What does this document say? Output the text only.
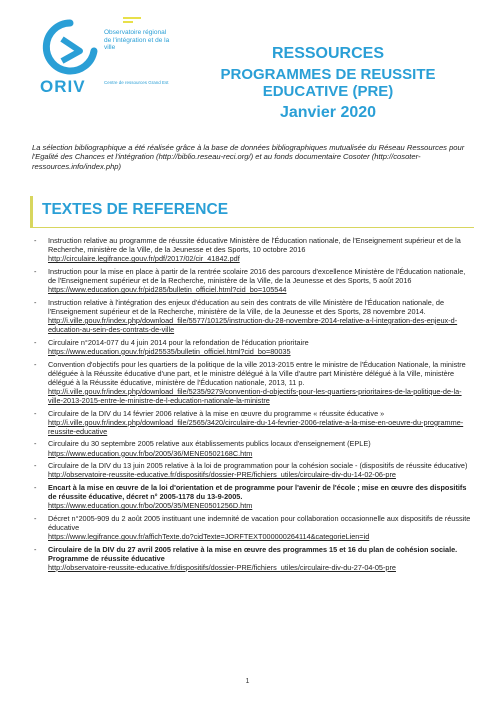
ORIV
Observatoire régional de l'intégration et de la ville
Centre de ressources Grand Est
RESSOURCES
PROGRAMMES DE REUSSITE
EDUCATIVE (PRE)
Janvier 2020
La sélection bibliographique a été réalisée grâce à la base de données bibliographiques mutualisée du Réseau Ressources pour l'Egalité des Chances et l'intégration (http://biblio.reseau-reci.org/) et au fonds documentaire Cosoter (http://cosoter-ressources.info/index.php)
TEXTES DE REFERENCE
-	Instruction relative au programme de réussite éducative Ministère de l'Éducation nationale, de l'Enseignement supérieur et de la Recherche, ministère de la Ville, de la Jeunesse et des Sports, 10 octobre 2016
http://circulaire.legifrance.gouv.fr/pdf/2017/02/cir_41842.pdf
-	Instruction pour la mise en place à partir de la rentrée scolaire 2016 des parcours d'excellence Ministère de l'Éducation nationale, de l'Enseignement supérieur et de la Recherche, ministère de la Ville, de la Jeunesse et des Sports, 5 août 2016
https://www.education.gouv.fr/pid285/bulletin_officiel.html?cid_bo=105544
-	Instruction relative à l'intégration des enjeux d'éducation au sein des contrats de ville Ministère de l'Éducation nationale, de l'Enseignement supérieur et de la Recherche, ministère de la Ville, de la Jeunesse et des Sports, 28 novembre 2014.
http://i.ville.gouv.fr/index.php/download_file/5577/10125/instruction-du-28-novembre-2014-relative-a-l-integration-des-enjeux-d-education-au-sein-des-contrats-de-ville
-	Circulaire n°2014-077 du 4 juin 2014 pour la refondation de l'éducation prioritaire
https://www.education.gouv.fr/pid25535/bulletin_officiel.html?cid_bo=80035
-	Convention d'objectifs pour les quartiers de la politique de la ville 2013-2015 entre le ministre de l'Éducation Nationale, la ministre déléguée à la Réussite éducative d'une part, et le ministre délégué à la Ville d'autre part Ministère délégué à la Ville, ministère délégué à la Réussite éducative, ministère de l'Éducation nationale, 2013, 11 p.
http://i.ville.gouv.fr/index.php/download_file/5235/9279/convention-d-objectifs-pour-les-quartiers-prioritaires-de-la-politique-de-la-ville-2013-2015-entre-le-ministre-de-l-education-nationale-la-ministre
-	Circulaire de la DIV du 14 février 2006 relative à la mise en œuvre du programme « réussite éducative »
http://i.ville.gouv.fr/index.php/download_file/2565/3420/circulaire-du-14-fevrier-2006-relative-a-la-mise-en-oeuvre-du-programme-reussite-educative
-	Circulaire du 30 septembre 2005 relative aux établissements publics locaux d'enseignement (EPLE)
https://www.education.gouv.fr/bo/2005/36/MENE0502168C.htm
-	Circulaire de la DIV du 13 juin 2005 relative à la loi de programmation pour la cohésion sociale - (dispositifs de réussite éducative)
http://observatoire-reussite-educative.fr/dispositifs/dossier-PRE/fichiers_utiles/circulaire-div-du-14-02-06-pre
-	Encart à la mise en œuvre de la loi d'orientation et de programme pour l'avenir de l'école ; mise en œuvre des dispositifs de réussite éducative, décret n° 2005-1178 du 13-9-2005.
https://www.education.gouv.fr/bo/2005/35/MENE0501256D.htm
-	Décret n°2005-909 du 2 août 2005 instituant une indemnité de vacation pour collaboration occasionnelle aux dispositifs de réussite éducative
https://www.legifrance.gouv.fr/affichTexte.do?cidTexte=JORFTEXT000000264114&categorieLien=id
-	Circulaire de la DIV du 27 avril 2005 relative à la mise en œuvre des programmes 15 et 16 du plan de cohésion sociale. Programme de réussite éducative
http://observatoire-reussite-educative.fr/dispositifs/dossier-PRE/fichiers_utiles/circulaire-div-du-27-04-05-pre
1
